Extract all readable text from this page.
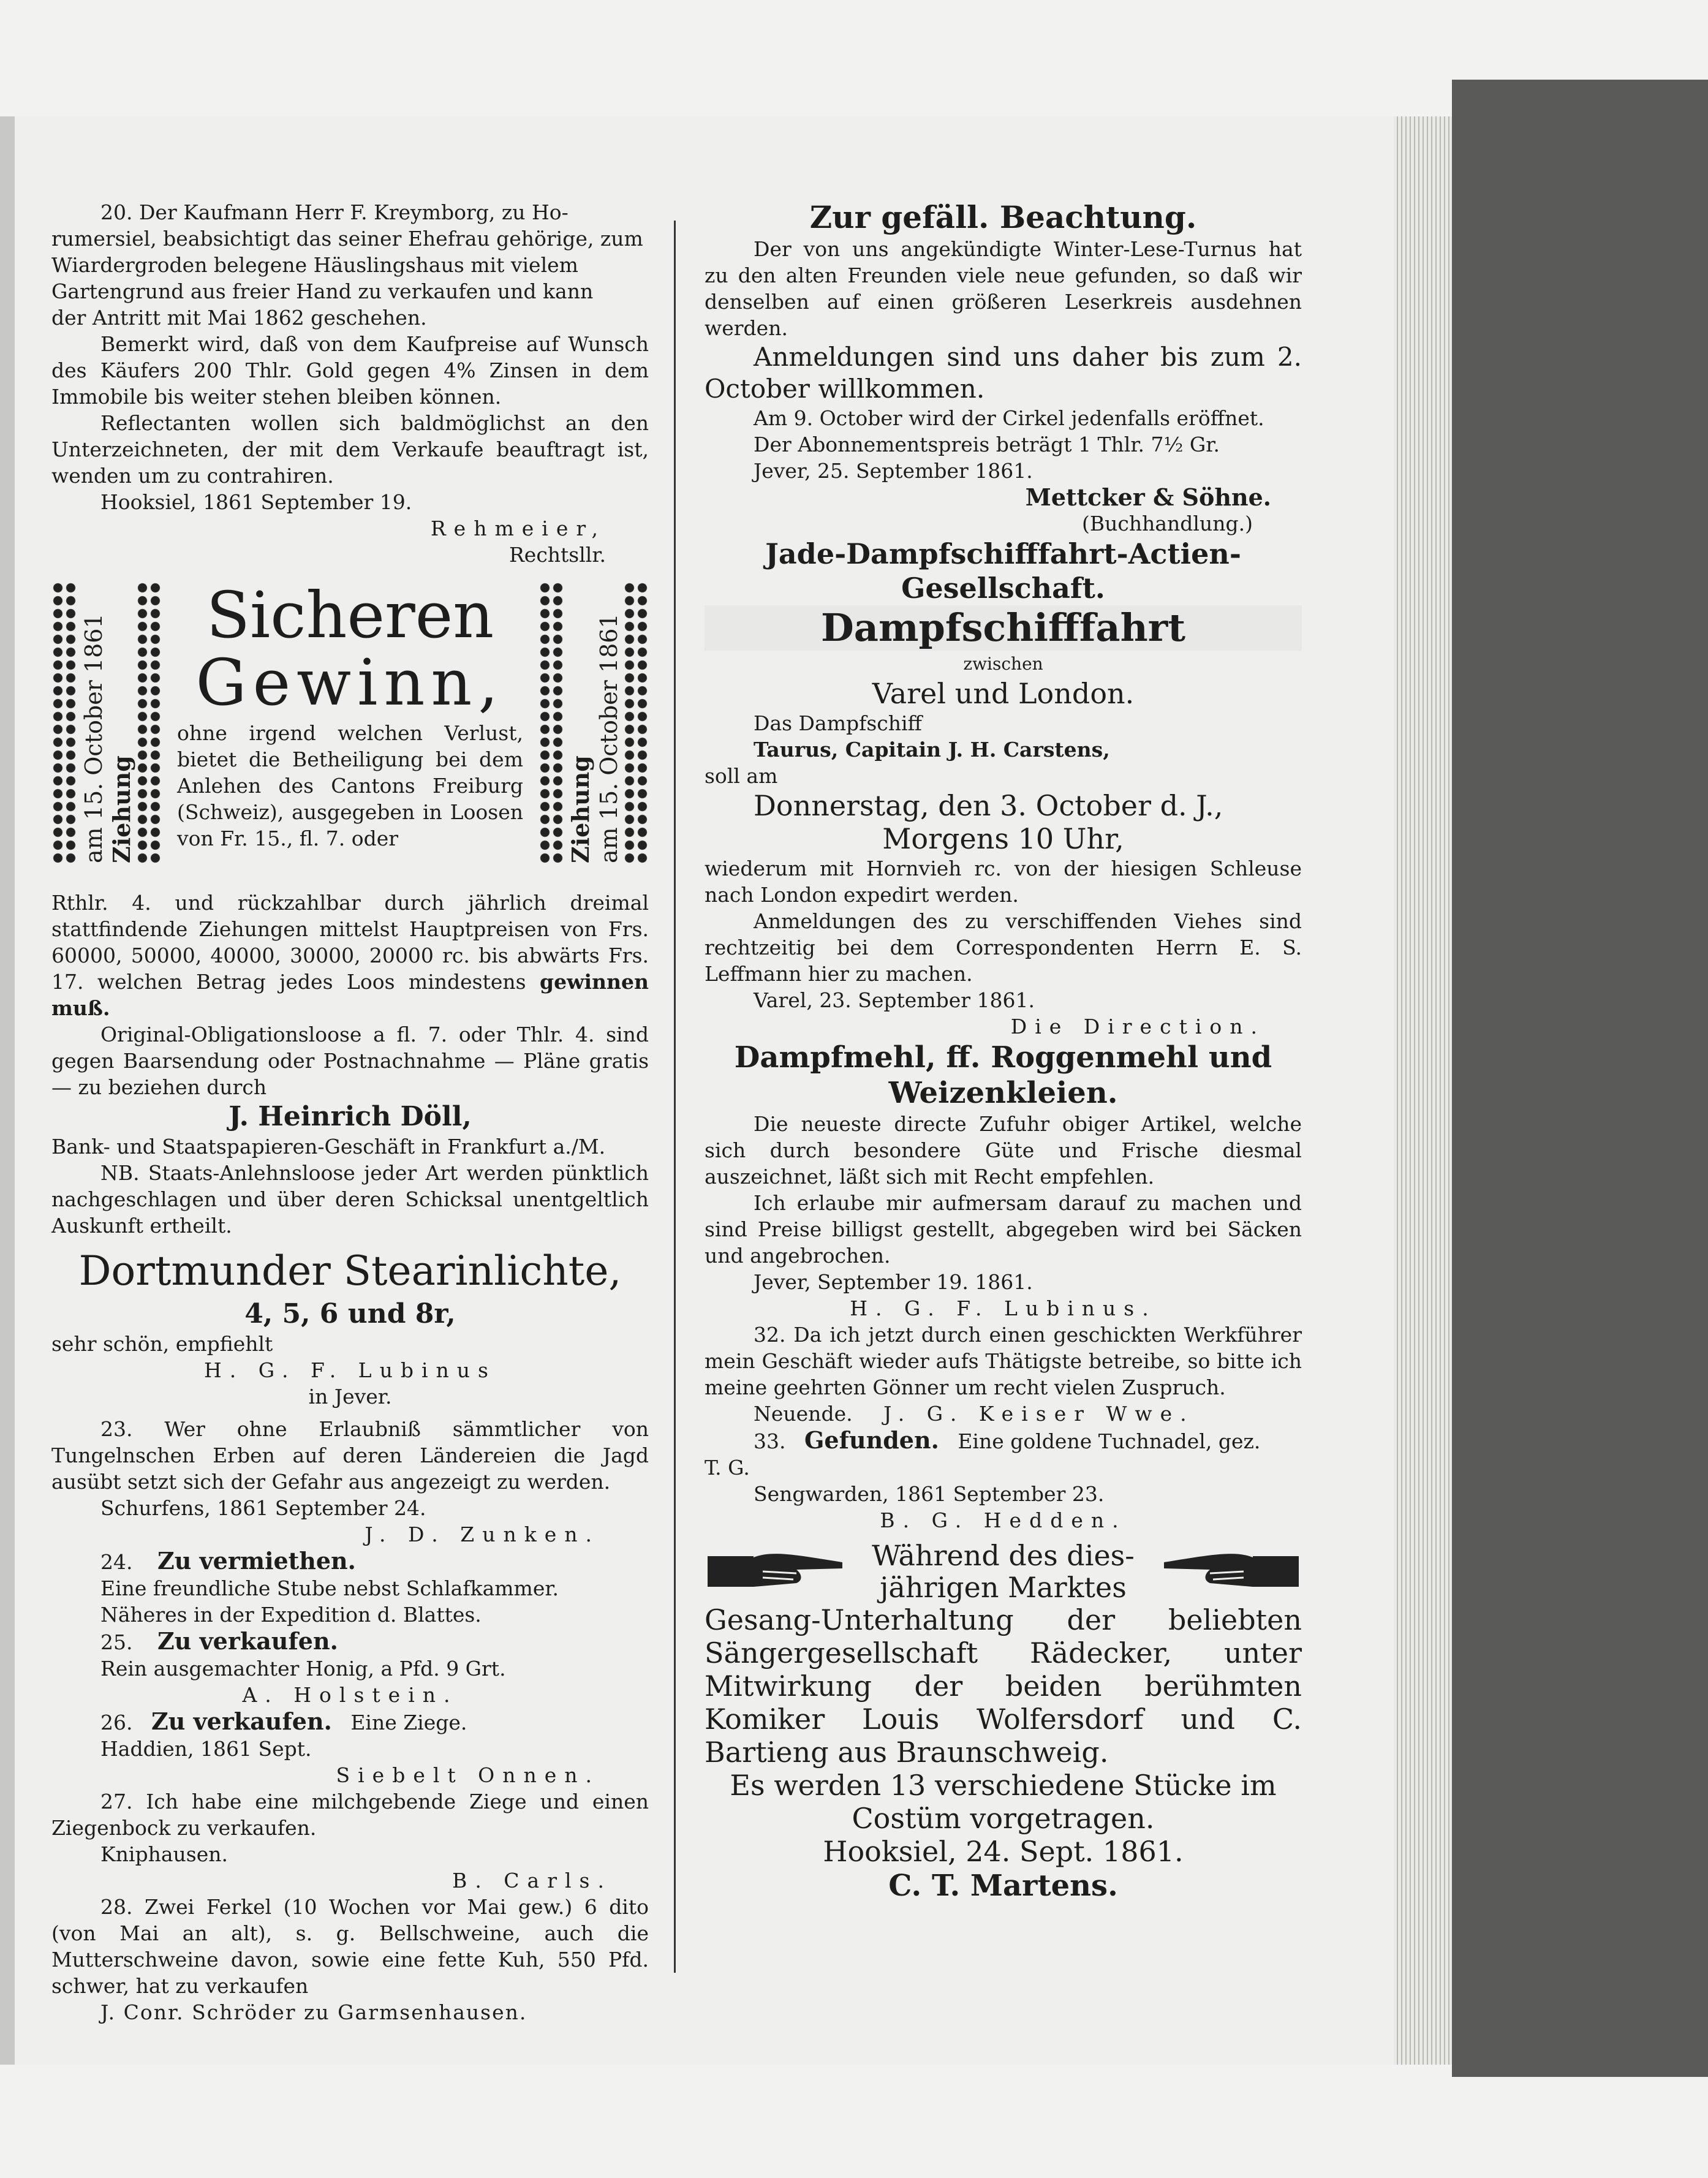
20. Der Kaufmann Herr F. Kreymborg, zu Ho-

rumersiel, beabsichtigt das seiner Ehefrau gehörige, zum

Wiardergroden belegene Häuslingshaus mit vielem

Gartengrund aus freier Hand zu verkaufen und kann

der Antritt mit Mai 1862 geschehen.

Bemerkt wird, daß von dem Kaufpreise auf Wunsch des Käufers 200 Thlr. Gold gegen 4% Zinsen in dem Immobile bis weiter stehen bleiben können.

Reflectanten wollen sich baldmöglichst an den Unterzeichneten, der mit dem Verkaufe beauftragt ist, wenden um zu contrahiren.

Hooksiel, 1861 September 19.

Rehmeier,

Rechtsllr.

am 15. October 1861 Ziehung

Sicheren

Gewinn,

ohne irgend welchen Verlust, bietet die Betheiligung bei dem Anlehen des Cantons Freiburg (Schweiz), ausgegeben in Loosen von Fr. 15., fl. 7. oder	Ziehung am 15. October 1861

Rthlr. 4. und rückzahlbar durch jährlich dreimal stattfindende Ziehungen mittelst Hauptpreisen von Frs. 60000, 50000, 40000, 30000, 20000 rc. bis abwärts Frs. 17. welchen Betrag jedes Loos mindestens gewinnen muß.

Original-Obligationsloose a fl. 7. oder Thlr. 4. sind gegen Baarsendung oder Postnachnahme — Pläne gratis — zu beziehen durch

J. Heinrich Döll,

Bank- und Staatspapieren-Geschäft in Frankfurt a./M.

NB. Staats-Anlehnsloose jeder Art werden pünktlich nachgeschlagen und über deren Schicksal unentgeltlich Auskunft ertheilt.

Dortmunder Stearinlichte,

4, 5, 6 und 8r,

sehr schön, empfiehlt

H. G. F. Lubinus

in Jever.

23. Wer ohne Erlaubniß sämmtlicher von Tungelnschen Erben auf deren Ländereien die Jagd ausübt setzt sich der Gefahr aus angezeigt zu werden.

Schurfens, 1861 September 24.

J. D. Zunken.

24. Zu vermiethen.

Eine freundliche Stube nebst Schlafkammer.

Näheres in der Expedition d. Blattes.

25. Zu verkaufen.

Rein ausgemachter Honig, a Pfd. 9 Grt.

A. Holstein.

26. Zu verkaufen. Eine Ziege.

Haddien, 1861 Sept.

Siebelt Onnen.

27. Ich habe eine milchgebende Ziege und einen Ziegenbock zu verkaufen.

Kniphausen.

B. Carls.

28. Zwei Ferkel (10 Wochen vor Mai gew.) 6 dito (von Mai an alt), s. g. Bellschweine, auch die Mutterschweine davon, sowie eine fette Kuh, 550 Pfd. schwer, hat zu verkaufen

J. Conr. Schröder zu Garmsenhausen.

Zur gefäll. Beachtung.

Der von uns angekündigte Winter-Lese-Turnus hat zu den alten Freunden viele neue gefunden, so daß wir denselben auf einen größeren Leserkreis ausdehnen werden.

Anmeldungen sind uns daher bis zum 2. October willkommen.

Am 9. October wird der Cirkel jedenfalls eröffnet.

Der Abonnementspreis beträgt 1 Thlr. 7½ Gr.

Jever, 25. September 1861.

Mettcker & Söhne.

(Buchhandlung.)

Jade-Dampfschifffahrt-Actien-Gesellschaft.

Dampfschifffahrt

zwischen

Varel und London.

Das Dampfschiff

Taurus, Capitain J. H. Carstens,

soll am

Donnerstag, den 3. October d. J.,

Morgens 10 Uhr,

wiederum mit Hornvieh rc. von der hiesigen Schleuse nach London expedirt werden.

Anmeldungen des zu verschiffenden Viehes sind rechtzeitig bei dem Correspondenten Herrn E. S. Leffmann hier zu machen.

Varel, 23. September 1861.

Die Direction.

Dampfmehl, ff. Roggenmehl und Weizenkleien.

Die neueste directe Zufuhr obiger Artikel, welche sich durch besondere Güte und Frische diesmal auszeichnet, läßt sich mit Recht empfehlen.

Ich erlaube mir aufmersam darauf zu machen und sind Preise billigst gestellt, abgegeben wird bei Säcken und angebrochen.

Jever, September 19. 1861.

H. G. F. Lubinus.

32. Da ich jetzt durch einen geschickten Werkführer mein Geschäft wieder aufs Thätigste betreibe, so bitte ich meine geehrten Gönner um recht vielen Zuspruch.

Neuende. J. G. Keiser Wwe.

33. Gefunden. Eine goldene Tuchnadel, gez.

T. G.

Sengwarden, 1861 September 23.

B. G. Hedden.

Während des dies-

jährigen Marktes

Gesang-Unterhaltung der beliebten Sängergesellschaft Rädecker, unter Mitwirkung der beiden berühmten Komiker Louis Wolfersdorf und C. Bartieng aus Braunschweig.

Es werden 13 verschiedene Stücke im Costüm vorgetragen.

Hooksiel, 24. Sept. 1861.

C. T. Martens.
